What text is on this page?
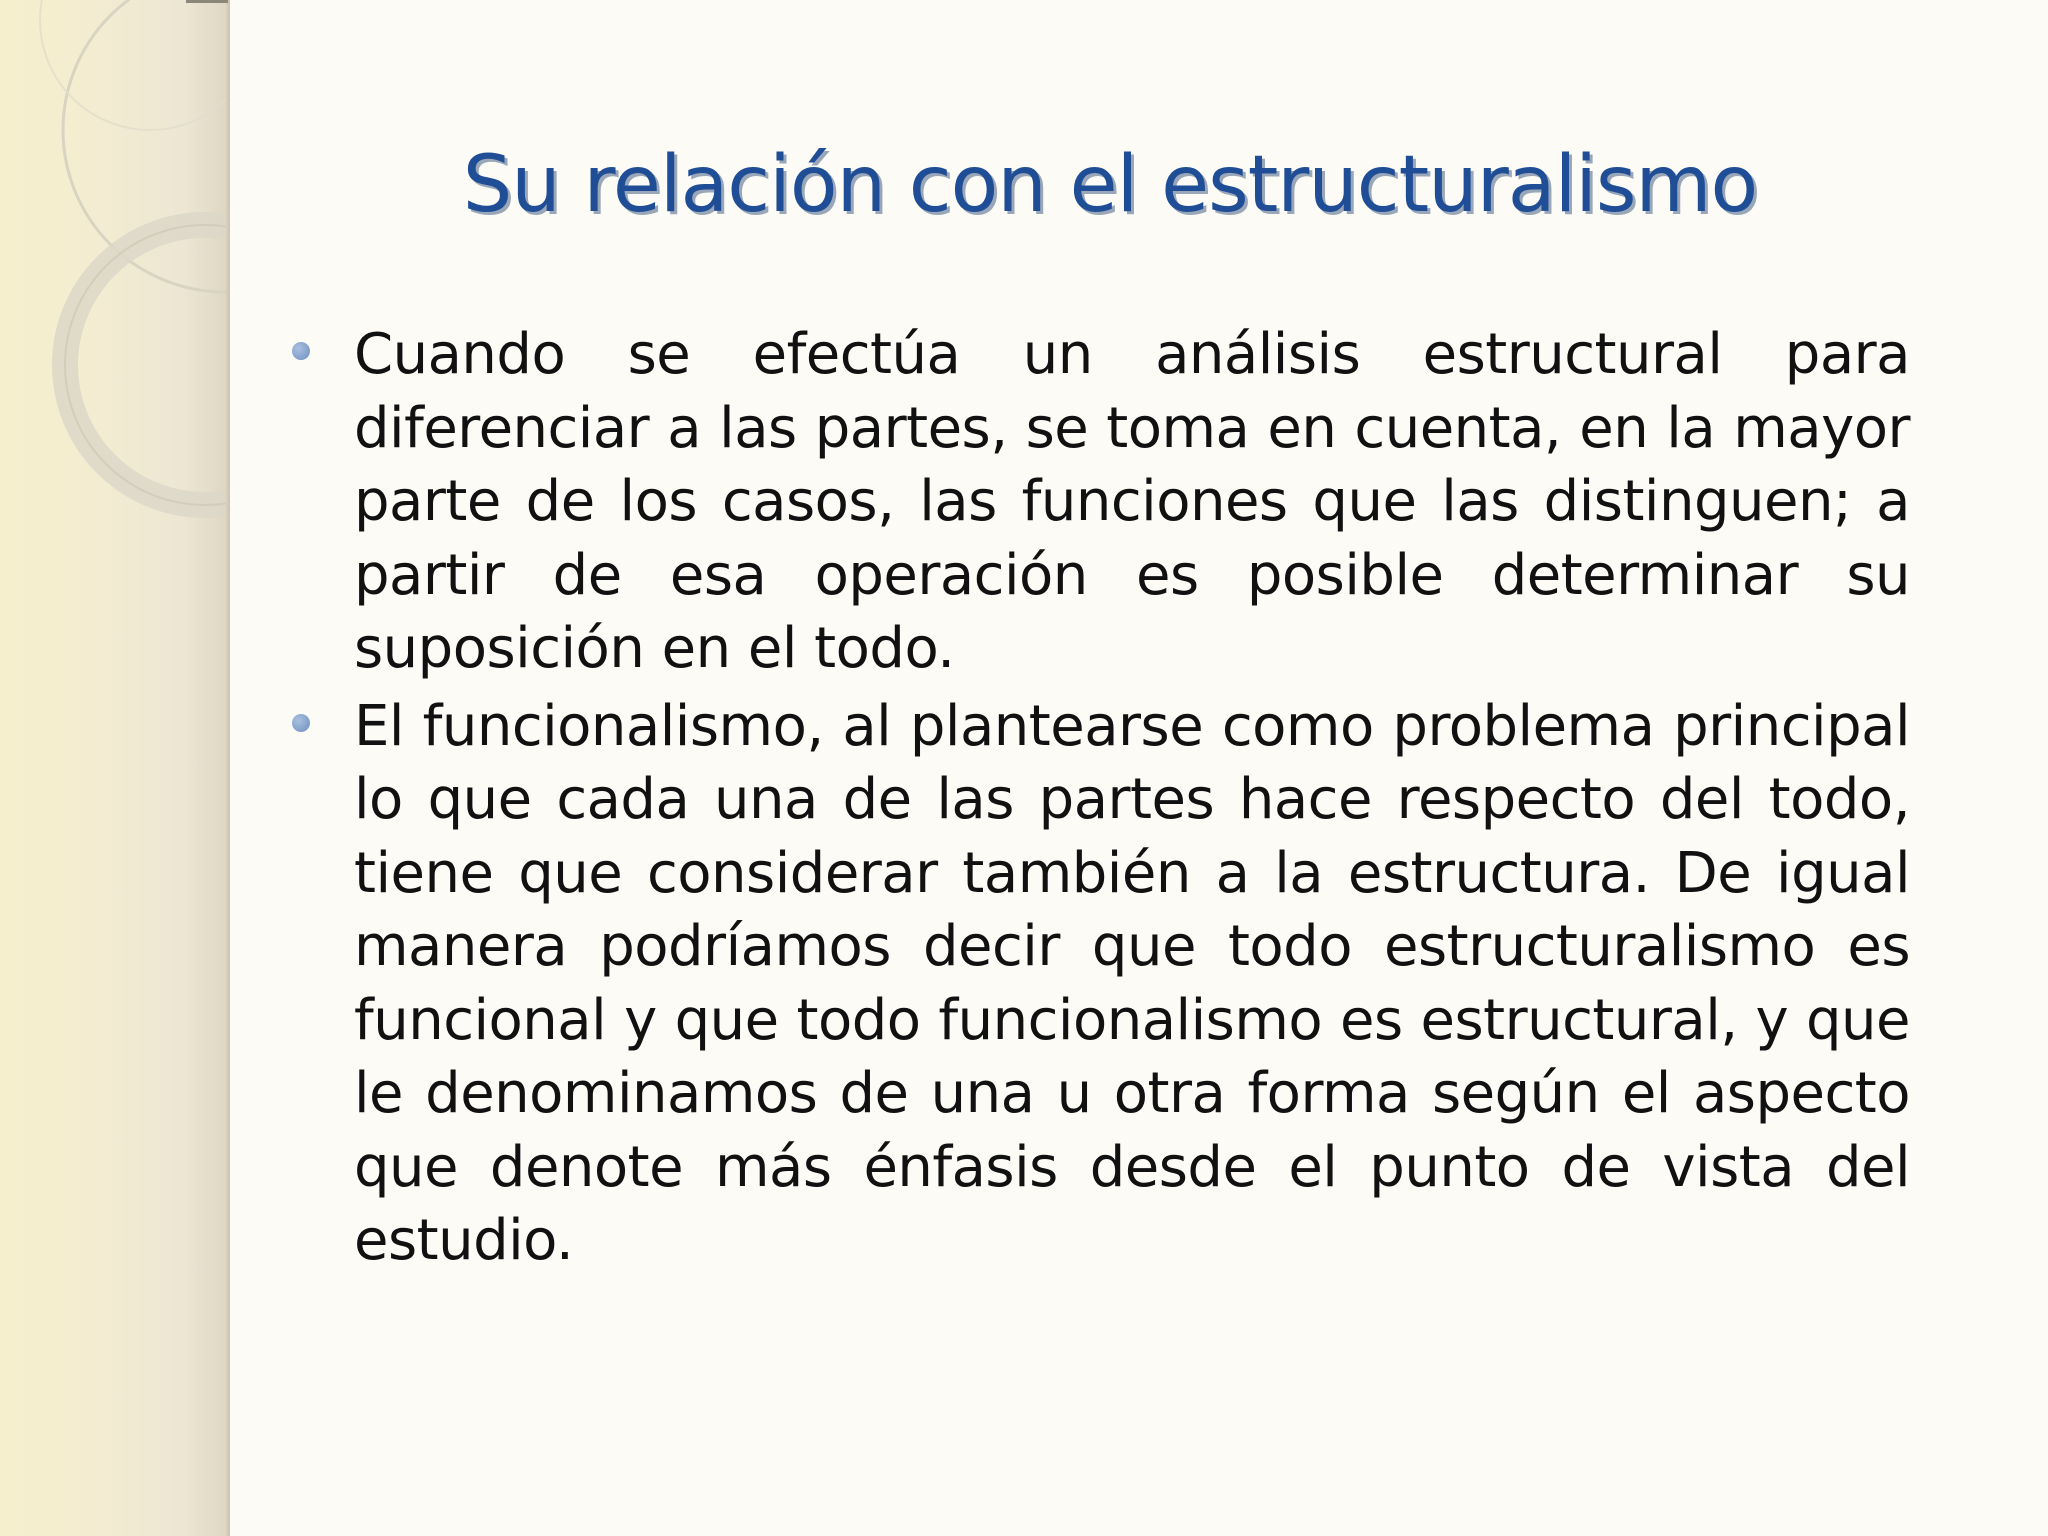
Su relación con el estructuralismo
Cuando se efectúa un análisis estructural para diferenciar a las partes, se toma en cuenta, en la mayor parte de los casos, las funciones que las distinguen; a partir de esa operación es posible determinar su suposición en el todo.
El funcionalismo, al plantearse como problema principal lo que cada una de las partes hace respecto del todo, tiene que considerar también a la estructura. De igual manera podríamos decir que todo estructuralismo es funcional y que todo funcionalismo es estructural, y que le denominamos de una u otra forma según el aspecto que denote más énfasis desde el punto de vista del estudio.
